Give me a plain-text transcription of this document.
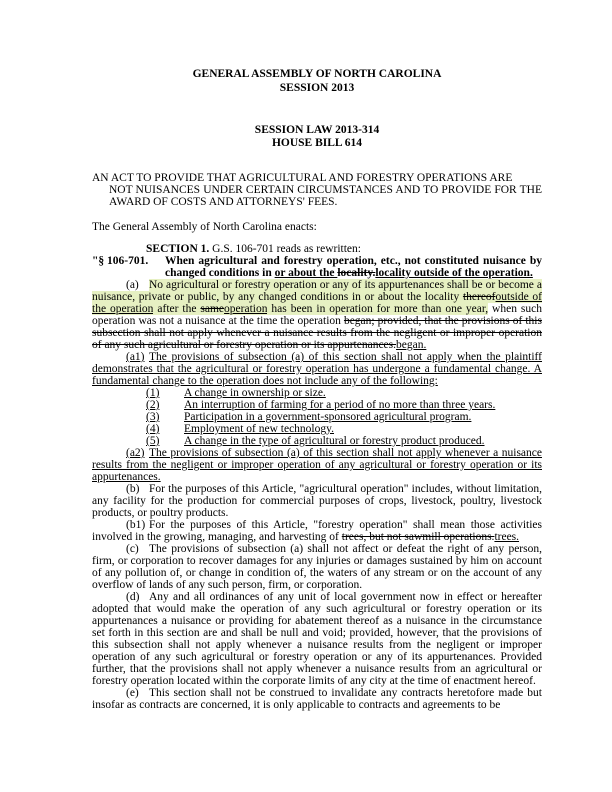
GENERAL ASSEMBLY OF NORTH CAROLINA
SESSION 2013
SESSION LAW 2013-314
HOUSE BILL 614
AN ACT TO PROVIDE THAT AGRICULTURAL AND FORESTRY OPERATIONS ARE
NOT NUISANCES UNDER CERTAIN CIRCUMSTANCES AND TO PROVIDE FOR THE AWARD OF COSTS AND ATTORNEYS' FEES.
The General Assembly of North Carolina enacts:
SECTION 1. G.S. 106-701 reads as rewritten:

"§ 106-701. When agricultural and forestry operation, etc., not constituted nuisance by changed conditions in or about the locality.locality outside of the operation.

(a) No agricultural or forestry operation or any of its appurtenances shall be or become a nuisance, private or public, by any changed conditions in or about the locality thereofoutside of the operation after the sameoperation has been in operation for more than one year, when such operation was not a nuisance at the time the operation began; provided, that the provisions of this subsection shall not apply whenever a nuisance results from the negligent or improper operation of any such agricultural or forestry operation or its appurtenances.began.

(a1) The provisions of subsection (a) of this section shall not apply when the plaintiff demonstrates that the agricultural or forestry operation has undergone a fundamental change. A fundamental change to the operation does not include any of the following:

(1) A change in ownership or size.

(2) An interruption of farming for a period of no more than three years.

(3) Participation in a government-sponsored agricultural program.

(4) Employment of new technology.

(5) A change in the type of agricultural or forestry product produced.

(a2) The provisions of subsection (a) of this section shall not apply whenever a nuisance results from the negligent or improper operation of any agricultural or forestry operation or its appurtenances.

(b) For the purposes of this Article, "agricultural operation" includes, without limitation, any facility for the production for commercial purposes of crops, livestock, poultry, livestock products, or poultry products.

(b1) For the purposes of this Article, "forestry operation" shall mean those activities involved in the growing, managing, and harvesting of trees, but not sawmill operations.trees.

(c) The provisions of subsection (a) shall not affect or defeat the right of any person, firm, or corporation to recover damages for any injuries or damages sustained by him on account of any pollution of, or change in condition of, the waters of any stream or on the account of any overflow of lands of any such person, firm, or corporation.

(d) Any and all ordinances of any unit of local government now in effect or hereafter adopted that would make the operation of any such agricultural or forestry operation or its appurtenances a nuisance or providing for abatement thereof as a nuisance in the circumstance set forth in this section are and shall be null and void; provided, however, that the provisions of this subsection shall not apply whenever a nuisance results from the negligent or improper operation of any such agricultural or forestry operation or any of its appurtenances. Provided further, that the provisions shall not apply whenever a nuisance results from an agricultural or forestry operation located within the corporate limits of any city at the time of enactment hereof.

(e) This section shall not be construed to invalidate any contracts heretofore made but insofar as contracts are concerned, it is only applicable to contracts and agreements to be
